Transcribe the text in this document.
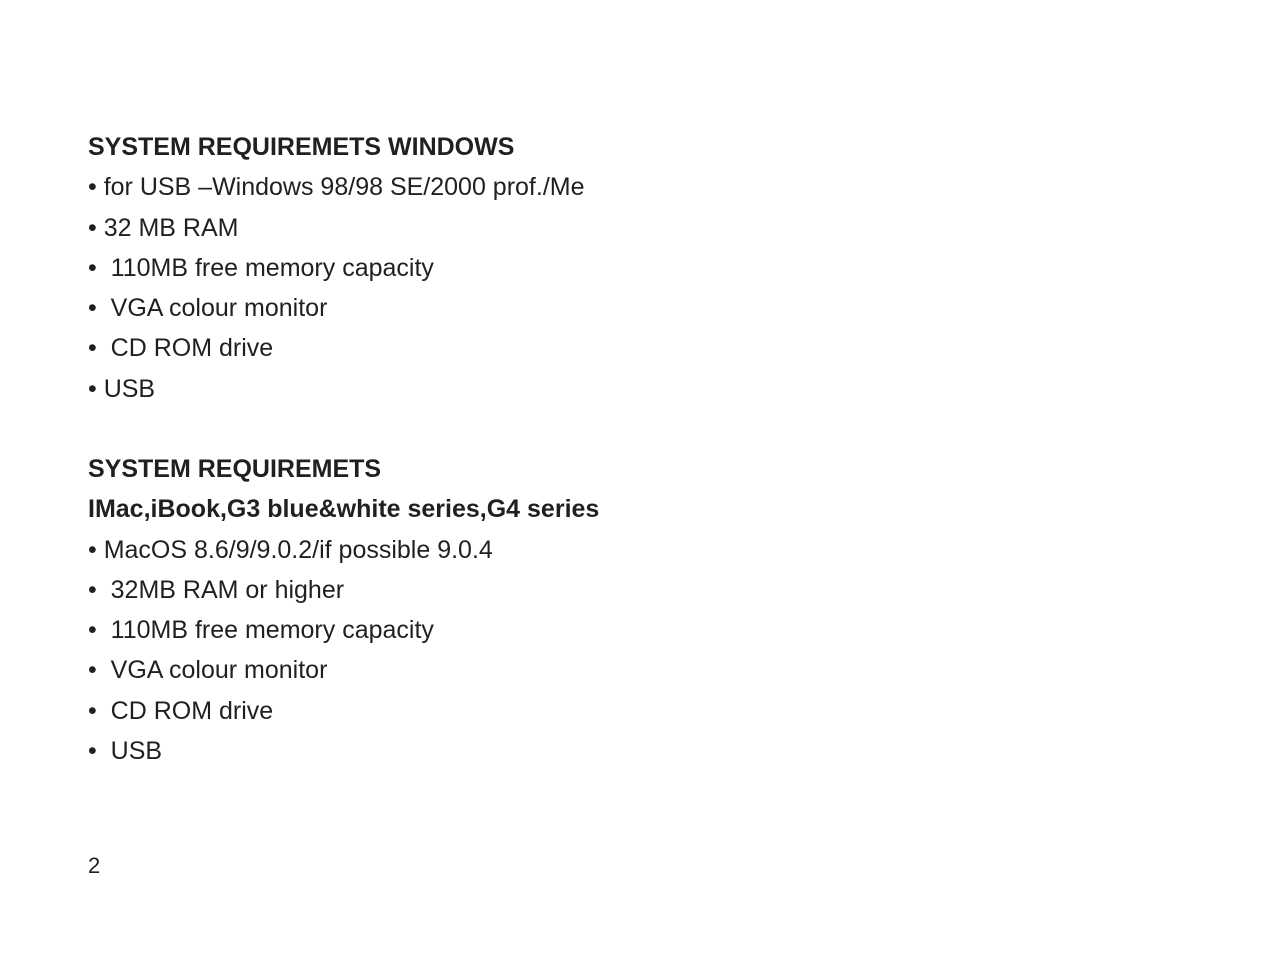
SYSTEM REQUIREMETS WINDOWS
• for USB –Windows 98/98 SE/2000 prof./Me
• 32 MB RAM
•  110MB free memory capacity
•  VGA colour monitor
•  CD ROM drive
• USB
SYSTEM REQUIREMETS
IMac,iBook,G3 blue&white series,G4 series
• MacOS 8.6/9/9.0.2/if possible 9.0.4
•  32MB RAM or higher
•  110MB free memory capacity
•  VGA colour monitor
•  CD ROM drive
•  USB
2
